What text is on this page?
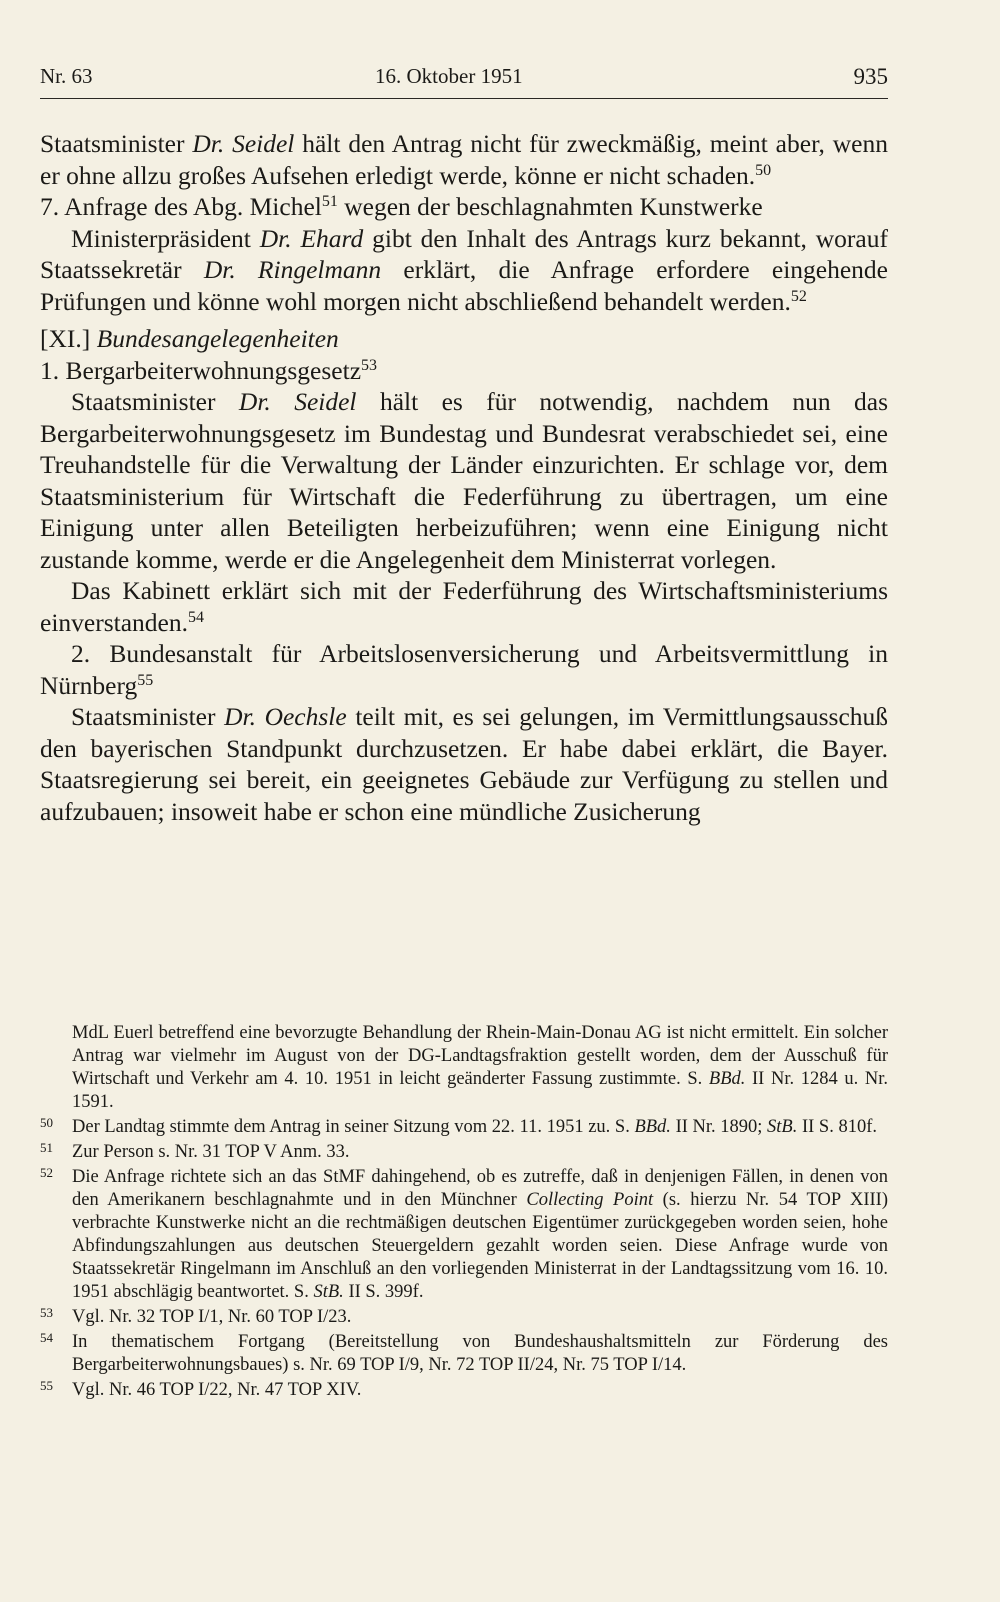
Nr. 63	16. Oktober 1951	935

Staatsminister Dr. Seidel hält den Antrag nicht für zweckmäßig, meint aber, wenn er ohne allzu großes Aufsehen erledigt werde, könne er nicht schaden.$^{50}$

7. Anfrage des Abg. Michel$^{51}$ wegen der beschlagnahmten Kunstwerke

Ministerpräsident Dr. Ehard gibt den Inhalt des Antrags kurz bekannt, worauf Staatssekretär Dr. Ringelmann erklärt, die Anfrage erfordere eingehende Prüfungen und könne wohl morgen nicht abschließend behandelt werden.$^{52}$

[XI.] Bundesangelegenheiten

1. Bergarbeiterwohnungsgesetz$^{53}$

Staatsminister Dr. Seidel hält es für notwendig, nachdem nun das Bergarbeiterwohnungsgesetz im Bundestag und Bundesrat verabschiedet sei, eine Treuhandstelle für die Verwaltung der Länder einzurichten. Er schlage vor, dem Staatsministerium für Wirtschaft die Federführung zu übertragen, um eine Einigung unter allen Beteiligten herbeizuführen; wenn eine Einigung nicht zustande komme, werde er die Angelegenheit dem Ministerrat vorlegen.

Das Kabinett erklärt sich mit der Federführung des Wirtschaftsministeriums einverstanden.$^{54}$

2. Bundesanstalt für Arbeitslosenversicherung und Arbeitsvermittlung in Nürnberg$^{55}$

Staatsminister Dr. Oechsle teilt mit, es sei gelungen, im Vermittlungsausschuß den bayerischen Standpunkt durchzusetzen. Er habe dabei erklärt, die Bayer. Staatsregierung sei bereit, ein geeignetes Gebäude zur Verfügung zu stellen und aufzubauen; insoweit habe er schon eine mündliche Zusicherung

MdL Euerl betreffend eine bevorzugte Behandlung der Rhein-Main-Donau AG ist nicht ermittelt. Ein solcher Antrag war vielmehr im August von der DG-Landtagsfraktion gestellt worden, dem der Ausschuß für Wirtschaft und Verkehr am 4. 10. 1951 in leicht geänderter Fassung zustimmte. S. BBd. II Nr. 1284 u. Nr. 1591.

50 Der Landtag stimmte dem Antrag in seiner Sitzung vom 22. 11. 1951 zu. S. BBd. II Nr. 1890; StB. II S. 810f.

51 Zur Person s. Nr. 31 TOP V Anm. 33.

52 Die Anfrage richtete sich an das StMF dahingehend, ob es zutreffe, daß in denjenigen Fällen, in denen von den Amerikanern beschlagnahmte und in den Münchner Collecting Point (s. hierzu Nr. 54 TOP XIII) verbrachte Kunstwerke nicht an die rechtmäßigen deutschen Eigentümer zurückgegeben worden seien, hohe Abfindungszahlungen aus deutschen Steuergeldern gezahlt worden seien. Diese Anfrage wurde von Staatssekretär Ringelmann im Anschluß an den vorliegenden Ministerrat in der Landtagssitzung vom 16. 10. 1951 abschlägig beantwortet. S. StB. II S. 399f.

53 Vgl. Nr. 32 TOP I/1, Nr. 60 TOP I/23.

54 In thematischem Fortgang (Bereitstellung von Bundeshaushaltsmitteln zur Förderung des Bergarbeiterwohnungsbaues) s. Nr. 69 TOP I/9, Nr. 72 TOP II/24, Nr. 75 TOP I/14.

55 Vgl. Nr. 46 TOP I/22, Nr. 47 TOP XIV.
